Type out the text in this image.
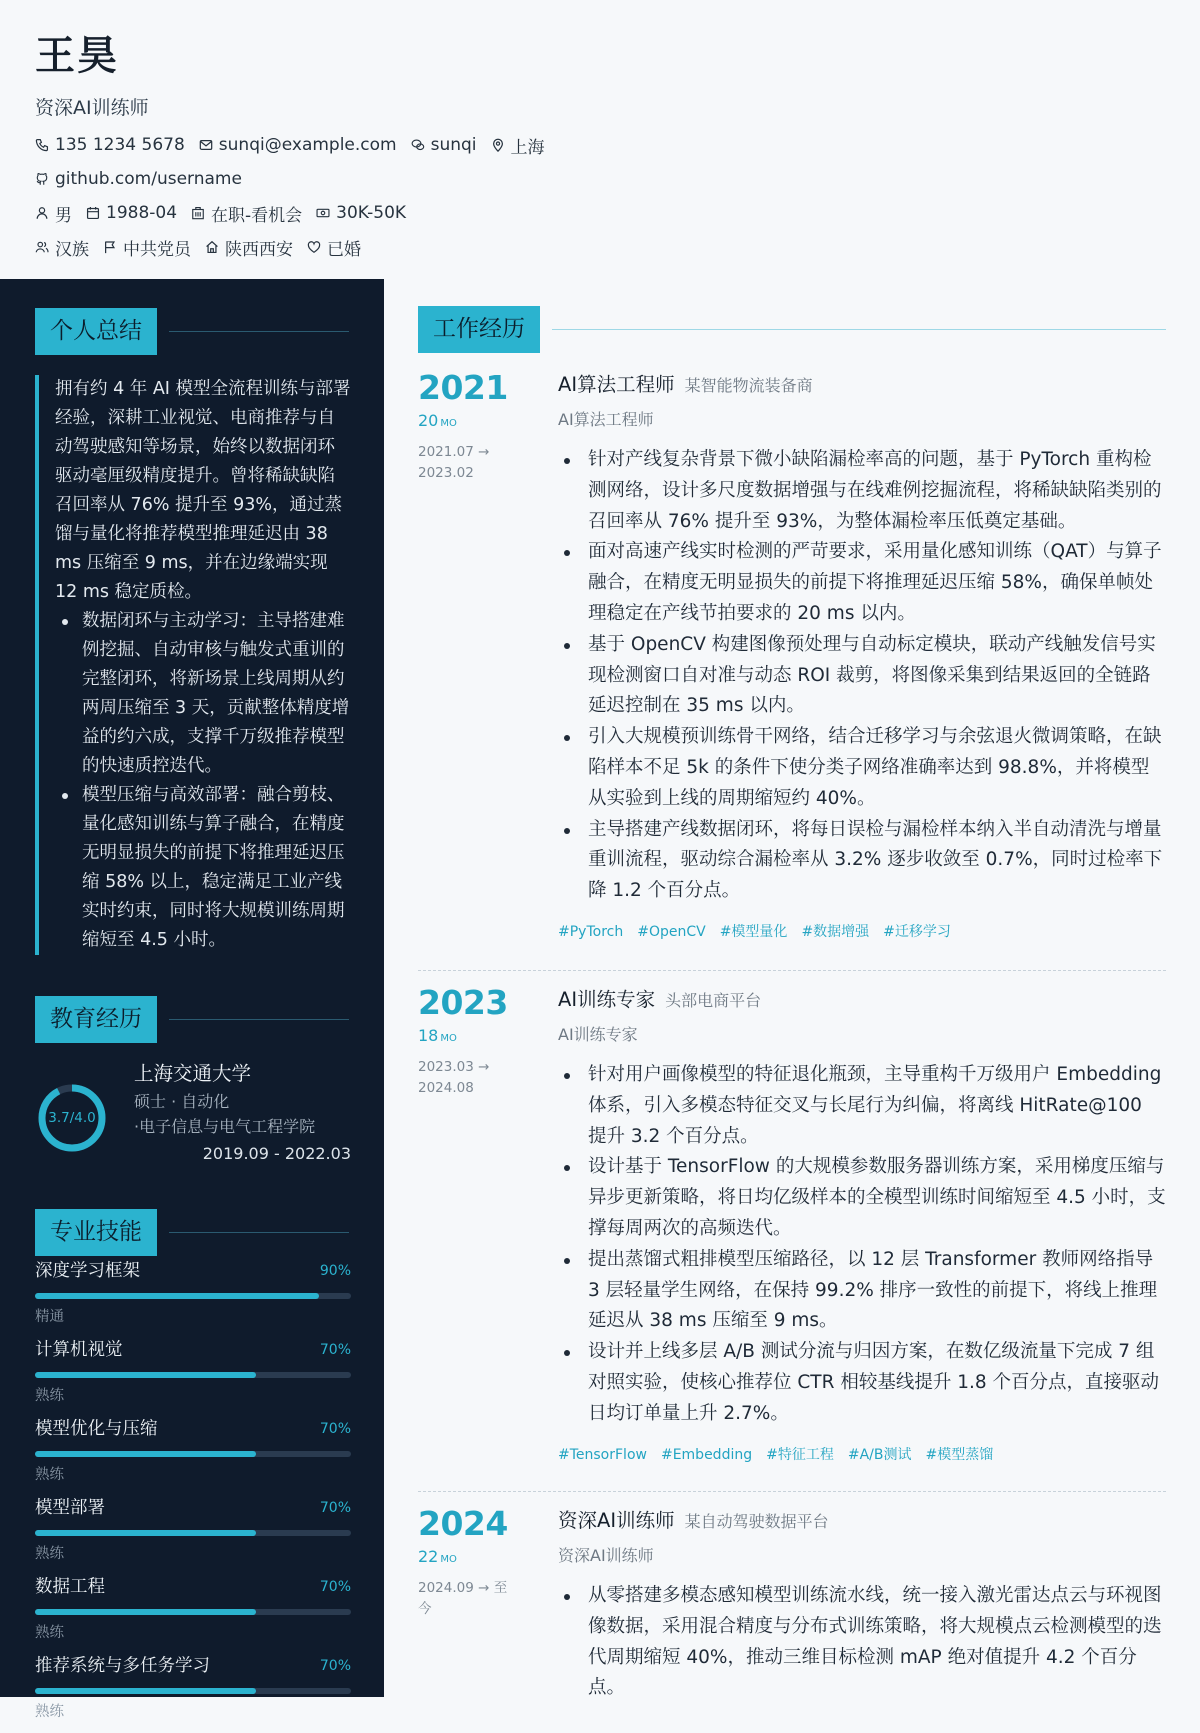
王昊
资深AI训练师
135 1234 5678 sunqi@example.com sunqi 上海
github.com/username
男 1988-04 在职-看机会 30K-50K
汉族 中共党员 陕西西安 已婚
个人总结
拥有约 4 年 AI 模型全流程训练与部署经验，深耕工业视觉、电商推荐与自动驾驶感知等场景，始终以数据闭环驱动毫厘级精度提升。曾将稀缺缺陷召回率从 76% 提升至 93%，通过蒸馏与量化将推荐模型推理延迟由 38 ms 压缩至 9 ms，并在边缘端实现 12 ms 稳定质检。
数据闭环与主动学习：主导搭建难例挖掘、自动审核与触发式重训的完整闭环，将新场景上线周期从约两周压缩至 3 天，贡献整体精度增益的约六成，支撑千万级推荐模型的快速质控迭代。
模型压缩与高效部署：融合剪枝、量化感知训练与算子融合，在精度无明显损失的前提下将推理延迟压缩 58% 以上，稳定满足工业产线实时约束，同时将大规模训练周期缩短至 4.5 小时。
教育经历
3.7/4.0
上海交通大学
硕士 · 自动化
·电子信息与电气工程学院
2019.09 - 2022.03
专业技能
深度学习框架	90%
精通
计算机视觉	70%
熟练
模型优化与压缩	70%
熟练
模型部署	70%
熟练
数据工程	70%
熟练
推荐系统与多任务学习	70%
熟练
工作经历
2021
20 MO
2021.07 → 2023.02
AI算法工程师 某智能物流装备商
AI算法工程师
针对产线复杂背景下微小缺陷漏检率高的问题，基于 PyTorch 重构检测网络，设计多尺度数据增强与在线难例挖掘流程，将稀缺缺陷类别的召回率从 76% 提升至 93%，为整体漏检率压低奠定基础。
面对高速产线实时检测的严苛要求，采用量化感知训练（QAT）与算子融合，在精度无明显损失的前提下将推理延迟压缩 58%，确保单帧处理稳定在产线节拍要求的 20 ms 以内。
基于 OpenCV 构建图像预处理与自动标定模块，联动产线触发信号实现检测窗口自对准与动态 ROI 裁剪，将图像采集到结果返回的全链路延迟控制在 35 ms 以内。
引入大规模预训练骨干网络，结合迁移学习与余弦退火微调策略，在缺陷样本不足 5k 的条件下使分类子网络准确率达到 98.8%，并将模型从实验到上线的周期缩短约 40%。
主导搭建产线数据闭环，将每日误检与漏检样本纳入半自动清洗与增量重训流程，驱动综合漏检率从 3.2% 逐步收敛至 0.7%，同时过检率下降 1.2 个百分点。
#PyTorch #OpenCV #模型量化 #数据增强 #迁移学习
2023
18 MO
2023.03 → 2024.08
AI训练专家 头部电商平台
AI训练专家
针对用户画像模型的特征退化瓶颈，主导重构千万级用户 Embedding 体系，引入多模态特征交叉与长尾行为纠偏，将离线 HitRate@100 提升 3.2 个百分点。
设计基于 TensorFlow 的大规模参数服务器训练方案，采用梯度压缩与异步更新策略，将日均亿级样本的全模型训练时间缩短至 4.5 小时，支撑每周两次的高频迭代。
提出蒸馏式粗排模型压缩路径，以 12 层 Transformer 教师网络指导 3 层轻量学生网络，在保持 99.2% 排序一致性的前提下，将线上推理延迟从 38 ms 压缩至 9 ms。
设计并上线多层 A/B 测试分流与归因方案，在数亿级流量下完成 7 组对照实验，使核心推荐位 CTR 相较基线提升 1.8 个百分点，直接驱动日均订单量上升 2.7%。
#TensorFlow #Embedding #特征工程 #A/B测试 #模型蒸馏
2024
22 MO
2024.09 → 至今
资深AI训练师 某自动驾驶数据平台
资深AI训练师
从零搭建多模态感知模型训练流水线，统一接入激光雷达点云与环视图像数据，采用混合精度与分布式训练策略，将大规模点云检测模型的迭代周期缩短 40%，推动三维目标检测 mAP 绝对值提升 4.2 个百分点。
